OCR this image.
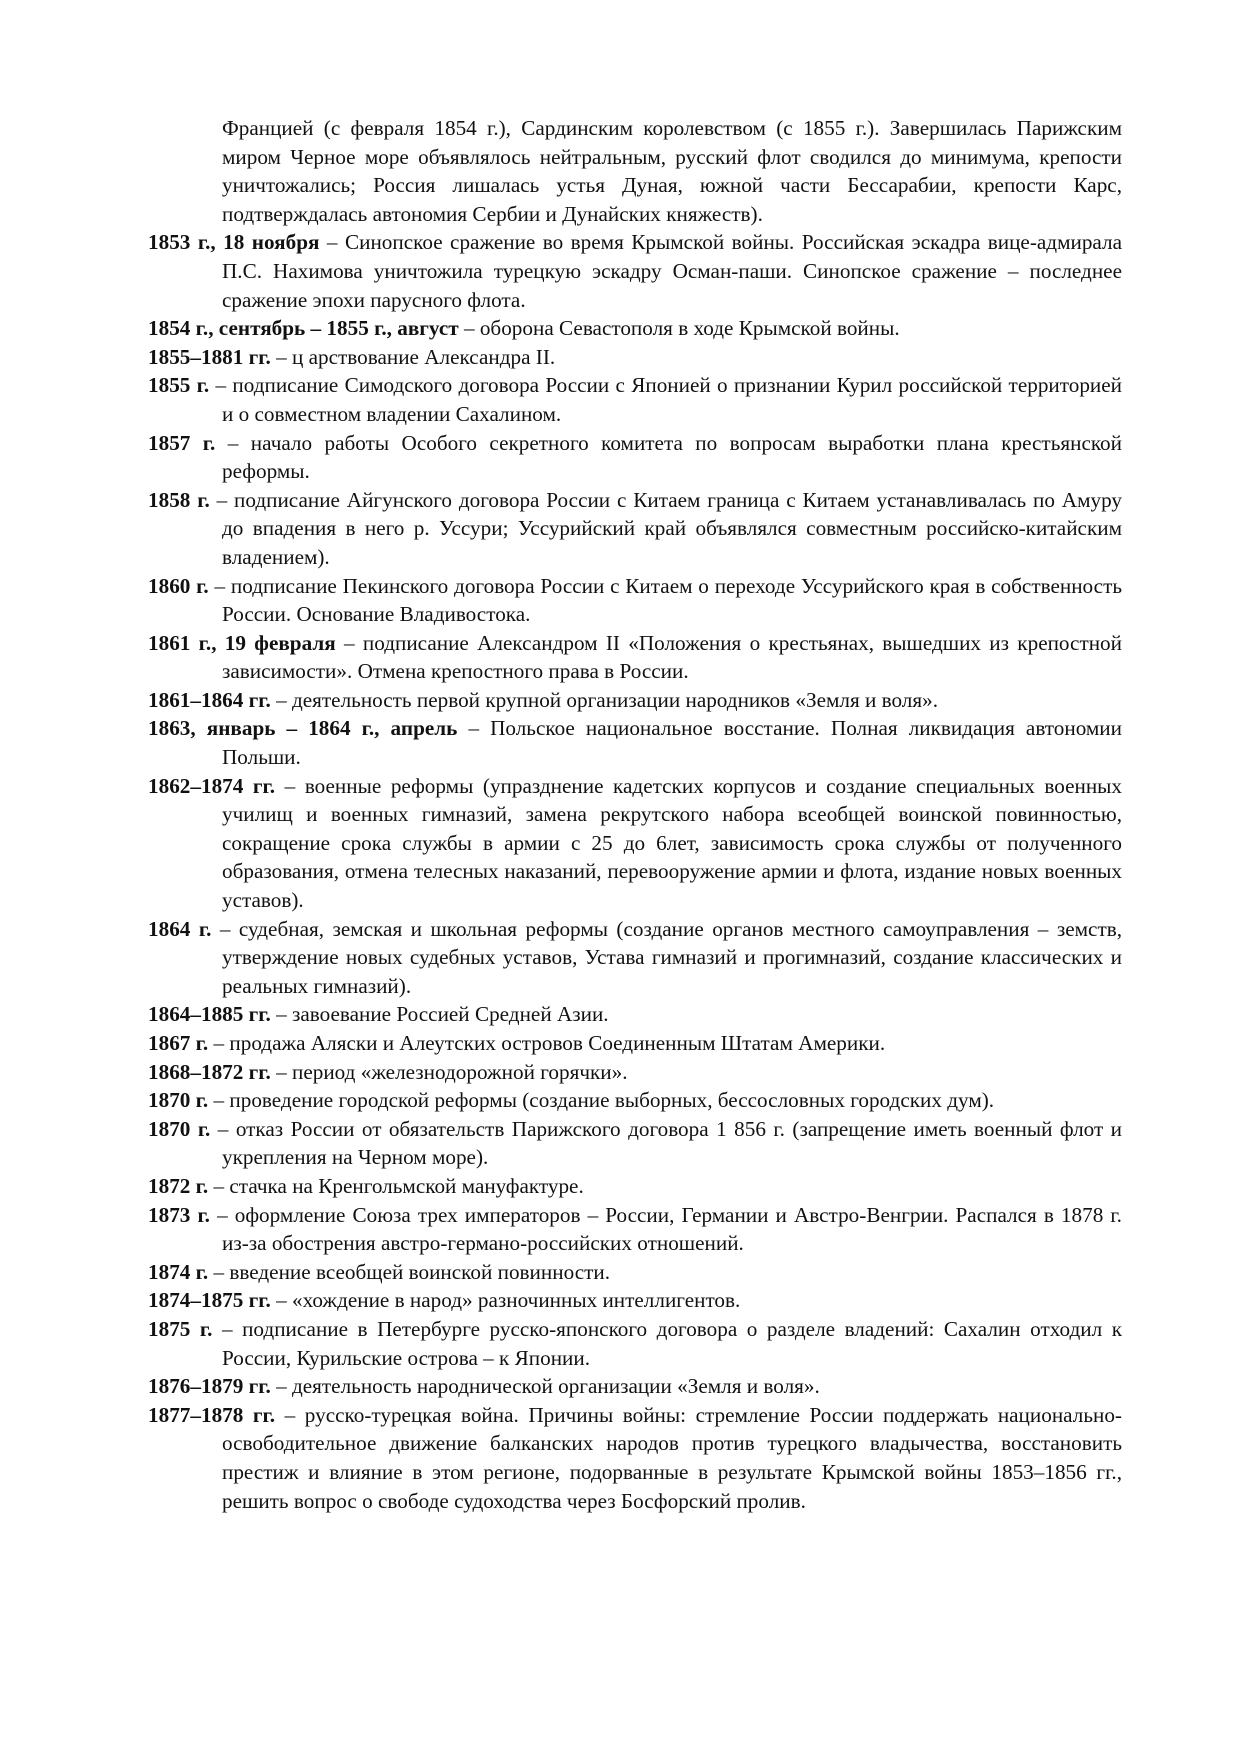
Францией (с февраля 1854 г.), Сардинским королевством (с 1855 г.). Завершилась Парижским миром Черное море объявлялось нейтральным, русский флот сводился до минимума, крепости уничтожались; Россия лишалась устья Дуная, южной части Бессарабии, крепости Карс, подтверждалась автономия Сербии и Дунайских княжеств).

1853 г., 18 ноября – Синопское сражение во время Крымской войны. Российская эскадра вице-адмирала П.С. Нахимова уничтожила турецкую эскадру Осман-паши. Синопское сражение – последнее сражение эпохи парусного флота.

1854 г., сентябрь – 1855 г., август – оборона Севастополя в ходе Крымской войны.

1855–1881 гг. – ц арствование Александра II.

1855 г. – подписание Симодского договора России с Японией о признании Курил российской территорией и о совместном владении Сахалином.

1857 г. – начало работы Особого секретного комитета по вопросам выработки плана крестьянской реформы.

1858 г. – подписание Айгунского договора России с Китаем граница с Китаем устанавливалась по Амуру до впадения в него р. Уссури; Уссурийский край объявлялся совместным российско-китайским владением).

1860 г. – подписание Пекинского договора России с Китаем о переходе Уссурийского края в собственность России. Основание Владивостока.

1861 г., 19 февраля – подписание Александром II «Положения о крестьянах, вышедших из крепостной зависимости». Отмена крепостного права в России.

1861–1864 гг. – деятельность первой крупной организации народников «Земля и воля».

1863, январь – 1864 г., апрель – Польское национальное восстание. Полная ликвидация автономии Польши.

1862–1874 гг. – военные реформы (упразднение кадетских корпусов и создание специальных военных училищ и военных гимназий, замена рекрутского набора всеобщей воинской повинностью, сокращение срока службы в армии с 25 до 6лет, зависимость срока службы от полученного образования, отмена телесных наказаний, перевооружение армии и флота, издание новых военных уставов).

1864 г. – судебная, земская и школьная реформы (создание органов местного самоуправления – земств, утверждение новых судебных уставов, Устава гимназий и прогимназий, создание классических и реальных гимназий).

1864–1885 гг. – завоевание Россией Средней Азии.

1867 г. – продажа Аляски и Алеутских островов Соединенным Штатам Америки.

1868–1872 гг. – период «железнодорожной горячки».

1870 г. – проведение городской реформы (создание выборных, бессословных городских дум).

1870 г. – отказ России от обязательств Парижского договора 1 856 г. (запрещение иметь военный флот и укрепления на Черном море).

1872 г. – стачка на Кренгольмской мануфактуре.

1873 г. – оформление Союза трех императоров – России, Германии и Австро-Венгрии. Распался в 1878 г. из-за обострения австро-германо-российских отношений.

1874 г. – введение всеобщей воинской повинности.

1874–1875 гг. – «хождение в народ» разночинных интеллигентов.

1875 г. – подписание в Петербурге русско-японского договора о разделе владений: Сахалин отходил к России, Курильские острова – к Японии.

1876–1879 гг. – деятельность народнической организации «Земля и воля».

1877–1878 гг. – русско-турецкая война. Причины войны: стремление России поддержать национально-освободительное движение балканских народов против турецкого владычества, восстановить престиж и влияние в этом регионе, подорванные в результате Крымской войны 1853–1856 гг., решить вопрос о свободе судоходства через Босфорский пролив.
